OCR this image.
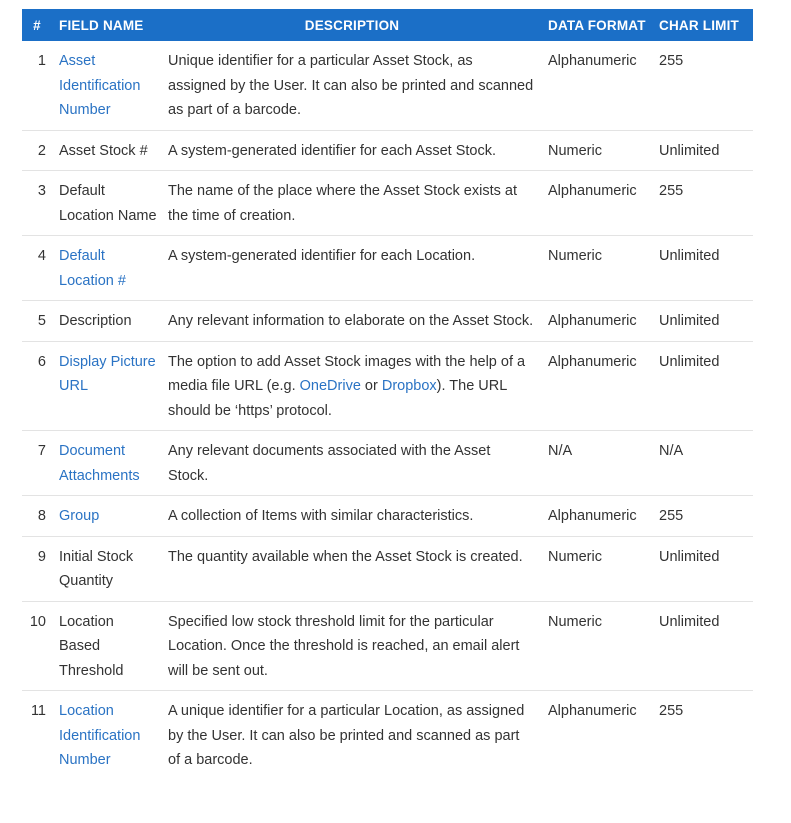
#	FIELD NAME	DESCRIPTION	DATA FORMAT	CHAR LIMIT
1	Asset Identification Number	Unique identifier for a particular Asset Stock, as assigned by the User. It can also be printed and scanned as part of a barcode.	Alphanumeric	255
2	Asset Stock #	A system-generated identifier for each Asset Stock.	Numeric	Unlimited
3	Default Location Name	The name of the place where the Asset Stock exists at the time of creation.	Alphanumeric	255
4	Default Location #	A system-generated identifier for each Location.	Numeric	Unlimited
5	Description	Any relevant information to elaborate on the Asset Stock.	Alphanumeric	Unlimited
6	Display Picture URL	The option to add Asset Stock images with the help of a media file URL (e.g. OneDrive or Dropbox). The URL should be ‘https’ protocol.	Alphanumeric	Unlimited
7	Document Attachments	Any relevant documents associated with the Asset Stock.	N/A	N/A
8	Group	A collection of Items with similar characteristics.	Alphanumeric	255
9	Initial Stock Quantity	The quantity available when the Asset Stock is created.	Numeric	Unlimited
10	Location Based Threshold	Specified low stock threshold limit for the particular Location. Once the threshold is reached, an email alert will be sent out.	Numeric	Unlimited
11	Location Identification Number	A unique identifier for a particular Location, as assigned by the User. It can also be printed and scanned as part of a barcode.	Alphanumeric	255
